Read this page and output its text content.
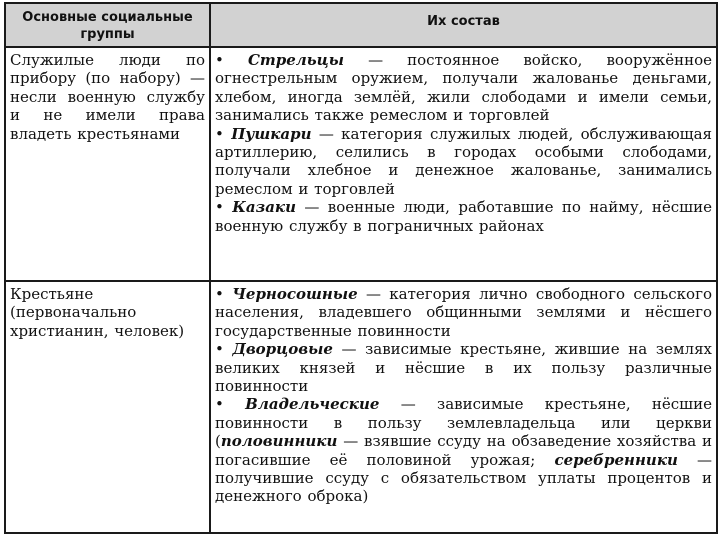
Основные социальные группы	Их состав
Служилые люди по прибору (по набору) — несли военную службу и не имели права владеть крестьянами	• Стрельцы — постоянное войско, вооружённое огнестрельным оружием, получали жалованье деньгами, хлебом, иногда землёй, жили слободами и имели семьи, занимались также ремеслом и торговлей

• Пушкари — категория служилых людей, обслуживающая артиллерию, селились в городах особыми слободами, получали хлебное и денежное жалованье, занимались ремеслом и торговлей

• Казаки — военные люди, работавшие по найму, нёсшие военную службу в пограничных районах

Крестьяне (первоначально христианин, человек)	• Черносошные — категория лично свободного сельского населения, владевшего общинными землями и нёсшего государственные повинности

• Дворцовые — зависимые крестьяне, жившие на землях великих князей и нёсшие в их пользу различные повинности

• Владельческие — зависимые крестьяне, нёсшие повинности в пользу землевладельца или церкви (половинники — взявшие ссуду на обзаведение хозяйства и погасившие её половиной урожая; серебренники — получившие ссуду с обязательством уплаты процентов и денежного оброка)
